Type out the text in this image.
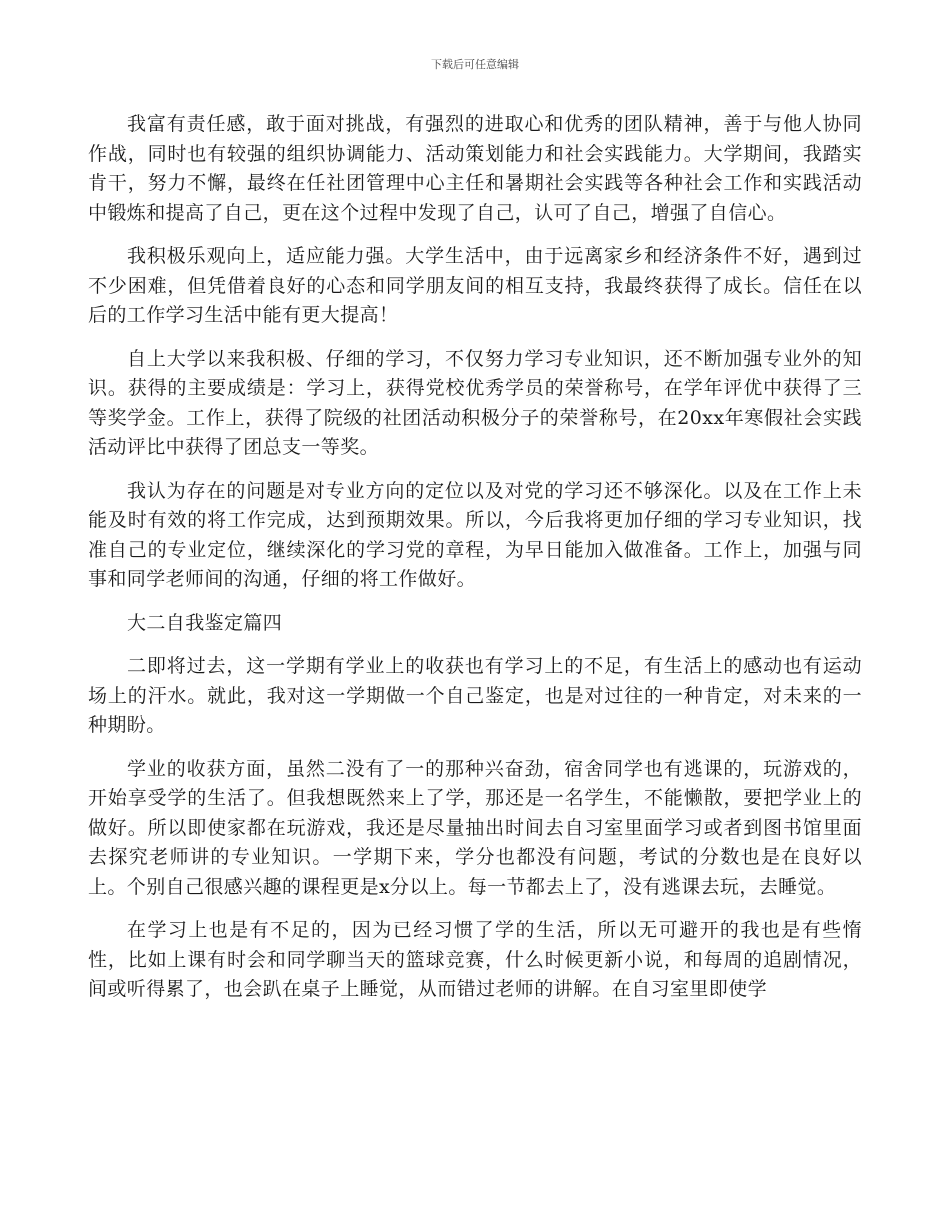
下载后可任意编辑

我富有责任感，敢于面对挑战，有强烈的进取心和优秀的团队精神，善于与他人协同作战，同时也有较强的组织协调能力、活动策划能力和社会实践能力。大学期间，我踏实肯干，努力不懈，最终在任社团管理中心主任和暑期社会实践等各种社会工作和实践活动中锻炼和提高了自己，更在这个过程中发现了自己，认可了自己，增强了自信心。

我积极乐观向上，适应能力强。大学生活中，由于远离家乡和经济条件不好，遇到过不少困难，但凭借着良好的心态和同学朋友间的相互支持，我最终获得了成长。信任在以后的工作学习生活中能有更大提高！

自上大学以来我积极、仔细的学习，不仅努力学习专业知识，还不断加强专业外的知识。获得的主要成绩是：学习上，获得党校优秀学员的荣誉称号，在学年评优中获得了三等奖学金。工作上，获得了院级的社团活动积极分子的荣誉称号，在20xx年寒假社会实践活动评比中获得了团总支一等奖。

我认为存在的问题是对专业方向的定位以及对党的学习还不够深化。以及在工作上未能及时有效的将工作完成，达到预期效果。所以，今后我将更加仔细的学习专业知识，找准自己的专业定位，继续深化的学习党的章程，为早日能加入做准备。工作上，加强与同事和同学老师间的沟通，仔细的将工作做好。

大二自我鉴定篇四

二即将过去，这一学期有学业上的收获也有学习上的不足，有生活上的感动也有运动场上的汗水。就此，我对这一学期做一个自己鉴定，也是对过往的一种肯定，对未来的一种期盼。

学业的收获方面，虽然二没有了一的那种兴奋劲，宿舍同学也有逃课的，玩游戏的，开始享受学的生活了。但我想既然来上了学，那还是一名学生，不能懒散，要把学业上的做好。所以即使家都在玩游戏，我还是尽量抽出时间去自习室里面学习或者到图书馆里面去探究老师讲的专业知识。一学期下来，学分也都没有问题，考试的分数也是在良好以上。个别自己很感兴趣的课程更是x分以上。每一节都去上了，没有逃课去玩，去睡觉。

在学习上也是有不足的，因为已经习惯了学的生活，所以无可避开的我也是有些惰性，比如上课有时会和同学聊当天的篮球竞赛，什么时候更新小说，和每周的追剧情况，间或听得累了，也会趴在桌子上睡觉，从而错过老师的讲解。在自习室里即使学
